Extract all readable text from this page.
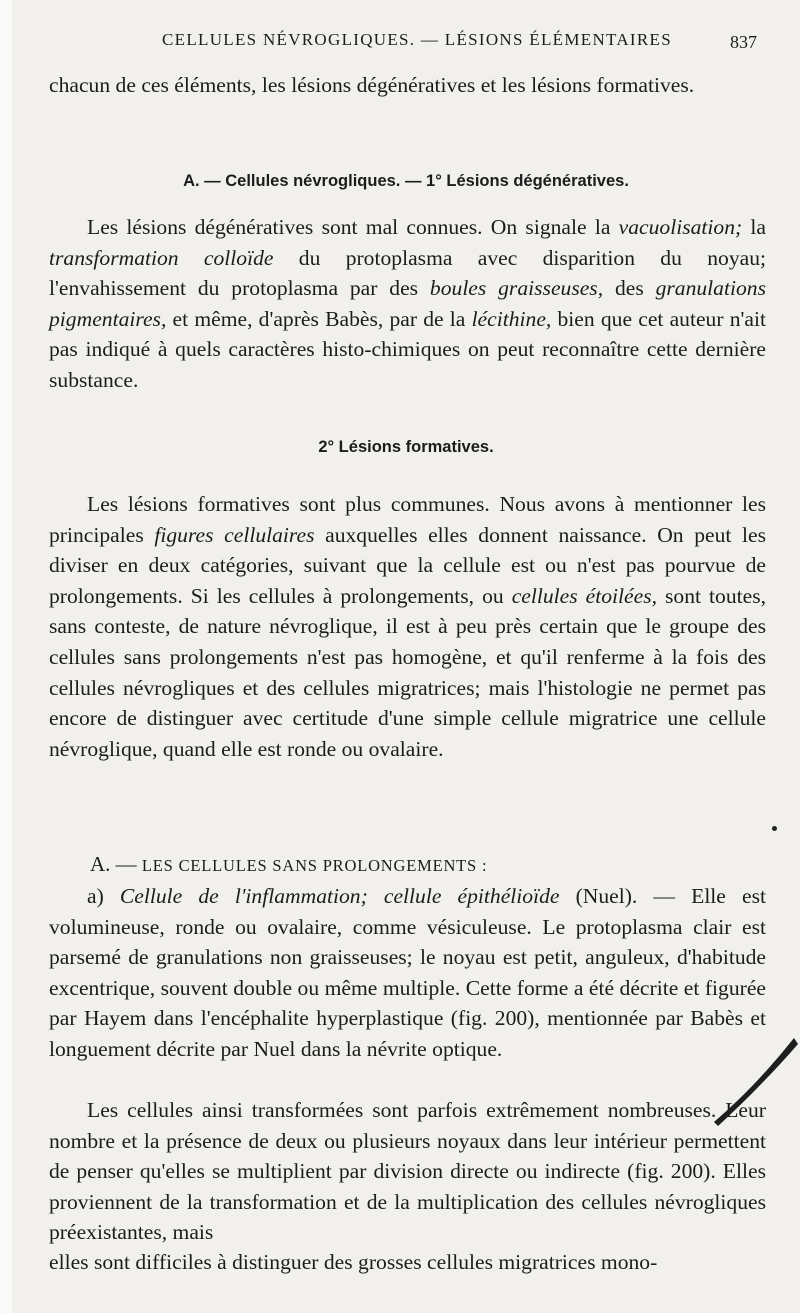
CELLULES NÉVROGLIQUES. — LÉSIONS ÉLÉMENTAIRES	837

chacun de ces éléments, les lésions dégénératives et les lésions formatives.

A. — Cellules névrogliques. — 1° Lésions dégénératives.

Les lésions dégénératives sont mal connues. On signale la vacuolisation; la transformation colloïde du protoplasma avec disparition du noyau; l'envahissement du protoplasma par des boules graisseuses, des granulations pigmentaires, et même, d'après Babès, par de la lécithine, bien que cet auteur n'ait pas indiqué à quels caractères histo-chimiques on peut reconnaître cette dernière substance.

2° Lésions formatives.

Les lésions formatives sont plus communes. Nous avons à mentionner les principales figures cellulaires auxquelles elles donnent naissance. On peut les diviser en deux catégories, suivant que la cellule est ou n'est pas pourvue de prolongements. Si les cellules à prolongements, ou cellules étoilées, sont toutes, sans conteste, de nature névroglique, il est à peu près certain que le groupe des cellules sans prolongements n'est pas homogène, et qu'il renferme à la fois des cellules névrogliques et des cellules migratrices; mais l'histologie ne permet pas encore de distinguer avec certitude d'une simple cellule migratrice une cellule névroglique, quand elle est ronde ou ovalaire.

A. — LES CELLULES SANS PROLONGEMENTS :

a) Cellule de l'inflammation; cellule épithélioïde (Nuel). — Elle est volumineuse, ronde ou ovalaire, comme vésiculeuse. Le protoplasma clair est parsemé de granulations non graisseuses; le noyau est petit, anguleux, d'habitude excentrique, souvent double ou même multiple. Cette forme a été décrite et figurée par Hayem dans l'encéphalite hyperplastique (fig. 200), mentionnée par Babès et longuement décrite par Nuel dans la névrite optique.

Les cellules ainsi transformées sont parfois extrêmement nombreuses. Leur nombre et la présence de deux ou plusieurs noyaux dans leur intérieur permettent de penser qu'elles se multiplient par division directe ou indirecte (fig. 200). Elles proviennent de la transformation et de la multiplication des cellules névrogliques préexistantes, mais

elles sont difficiles à distinguer des grosses cellules migratrices mono-
